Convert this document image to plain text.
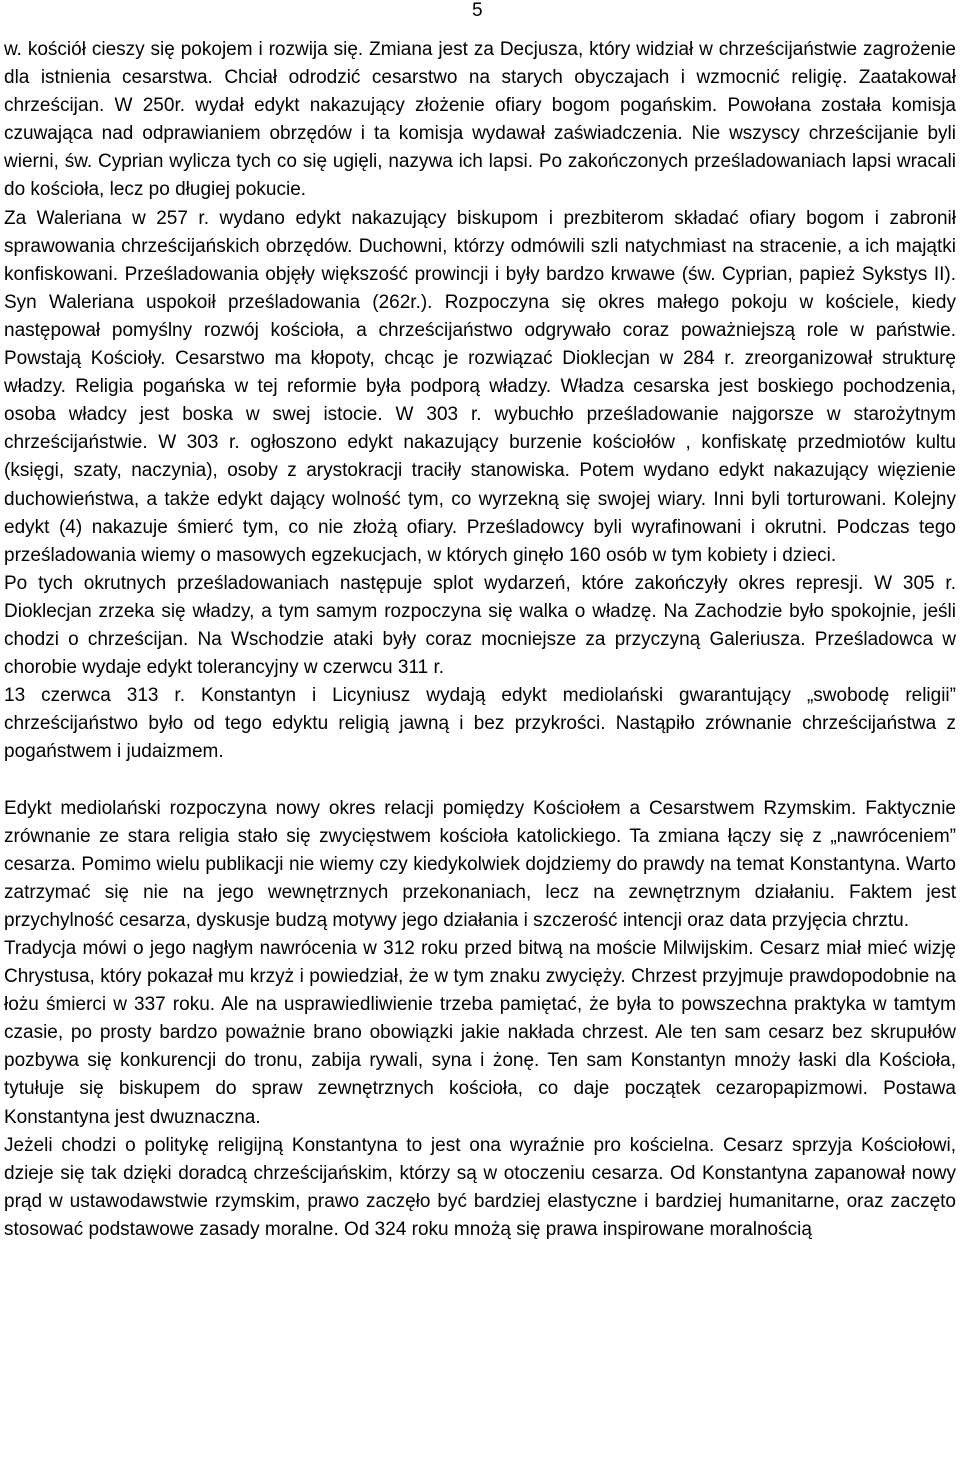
5

w. kościół cieszy się pokojem i rozwija się. Zmiana jest za Decjusza, który widział w chrześcijaństwie zagrożenie dla istnienia cesarstwa. Chciał odrodzić cesarstwo na starych obyczajach i wzmocnić religię. Zaatakował chrześcijan. W 250r. wydał edykt nakazujący złożenie ofiary bogom pogańskim. Powołana została komisja czuwająca nad odprawianiem obrzędów i ta komisja wydawał zaświadczenia. Nie wszyscy chrześcijanie byli wierni, św. Cyprian wylicza tych co się ugięli, nazywa ich lapsi. Po zakończonych prześladowaniach lapsi wracali do kościoła, lecz po długiej pokucie.

Za Waleriana w 257 r. wydano edykt nakazujący biskupom i prezbiterom składać ofiary bogom i zabronił sprawowania chrześcijańskich obrzędów. Duchowni, którzy odmówili szli natychmiast na stracenie, a ich majątki konfiskowani. Prześladowania objęły większość prowincji i były bardzo krwawe (św. Cyprian, papież Sykstys II). Syn Waleriana uspokoił prześladowania (262r.). Rozpoczyna się okres małego pokoju w kościele, kiedy następował pomyślny rozwój kościoła, a chrześcijaństwo odgrywało coraz poważniejszą role w państwie. Powstają Kościoły. Cesarstwo ma kłopoty, chcąc je rozwiązać Dioklecjan w 284 r. zreorganizował strukturę władzy. Religia pogańska w tej reformie była podporą władzy. Władza cesarska jest boskiego pochodzenia, osoba władcy jest boska w swej istocie. W 303 r. wybuchło prześladowanie najgorsze w starożytnym chrześcijaństwie. W 303 r. ogłoszono edykt nakazujący burzenie kościołów , konfiskatę przedmiotów kultu (księgi, szaty, naczynia), osoby z arystokracji traciły stanowiska. Potem wydano edykt nakazujący więzienie duchowieństwa, a także edykt dający wolność tym, co wyrzekną się swojej wiary. Inni byli torturowani. Kolejny edykt (4) nakazuje śmierć tym, co nie złożą ofiary. Prześladowcy byli wyrafinowani i okrutni. Podczas tego prześladowania wiemy o masowych egzekucjach, w których ginęło 160 osób w tym kobiety i dzieci.

Po tych okrutnych prześladowaniach następuje splot wydarzeń, które zakończyły okres represji. W 305 r. Dioklecjan zrzeka się władzy, a tym samym rozpoczyna się walka o władzę. Na Zachodzie było spokojnie, jeśli chodzi o chrześcijan. Na Wschodzie ataki były coraz mocniejsze za przyczyną Galeriusza. Prześladowca w chorobie wydaje edykt tolerancyjny w czerwcu 311 r.

13 czerwca 313 r. Konstantyn i Licyniusz wydają edykt mediolański gwarantujący „swobodę religii” chrześcijaństwo było od tego edyktu religią jawną i bez przykrości. Nastąpiło zrównanie chrześcijaństwa z pogaństwem i judaizmem.

Edykt mediolański rozpoczyna nowy okres relacji pomiędzy Kościołem a Cesarstwem Rzymskim. Faktycznie zrównanie ze stara religia stało się zwycięstwem kościoła katolickiego. Ta zmiana łączy się z „nawróceniem” cesarza. Pomimo wielu publikacji nie wiemy czy kiedykolwiek dojdziemy do prawdy na temat Konstantyna. Warto zatrzymać się nie na jego wewnętrznych przekonaniach, lecz na zewnętrznym działaniu. Faktem jest przychylność cesarza, dyskusje budzą motywy jego działania i szczerość intencji oraz data przyjęcia chrztu.

Tradycja mówi o jego nagłym nawrócenia w 312 roku przed bitwą na moście Milwijskim. Cesarz miał mieć wizję Chrystusa, który pokazał mu krzyż i powiedział, że w tym znaku zwycięży. Chrzest przyjmuje prawdopodobnie na łożu śmierci w 337 roku. Ale na usprawiedliwienie trzeba pamiętać, że była to powszechna praktyka w tamtym czasie, po prosty bardzo poważnie brano obowiązki jakie nakłada chrzest. Ale ten sam cesarz bez skrupułów pozbywa się konkurencji do tronu, zabija rywali, syna i żonę. Ten sam Konstantyn mnoży łaski dla Kościoła, tytułuje się biskupem do spraw zewnętrznych kościoła, co daje początek cezaropapizmowi. Postawa Konstantyna jest dwuznaczna.

Jeżeli chodzi o politykę religijną Konstantyna to jest ona wyraźnie pro kościelna. Cesarz sprzyja Kościołowi, dzieje się tak dzięki doradcą chrześcijańskim, którzy są w otoczeniu cesarza. Od Konstantyna zapanował nowy prąd w ustawodawstwie rzymskim, prawo zaczęło być bardziej elastyczne i bardziej humanitarne, oraz zaczęto stosować podstawowe zasady moralne. Od 324 roku mnożą się prawa inspirowane moralnością
